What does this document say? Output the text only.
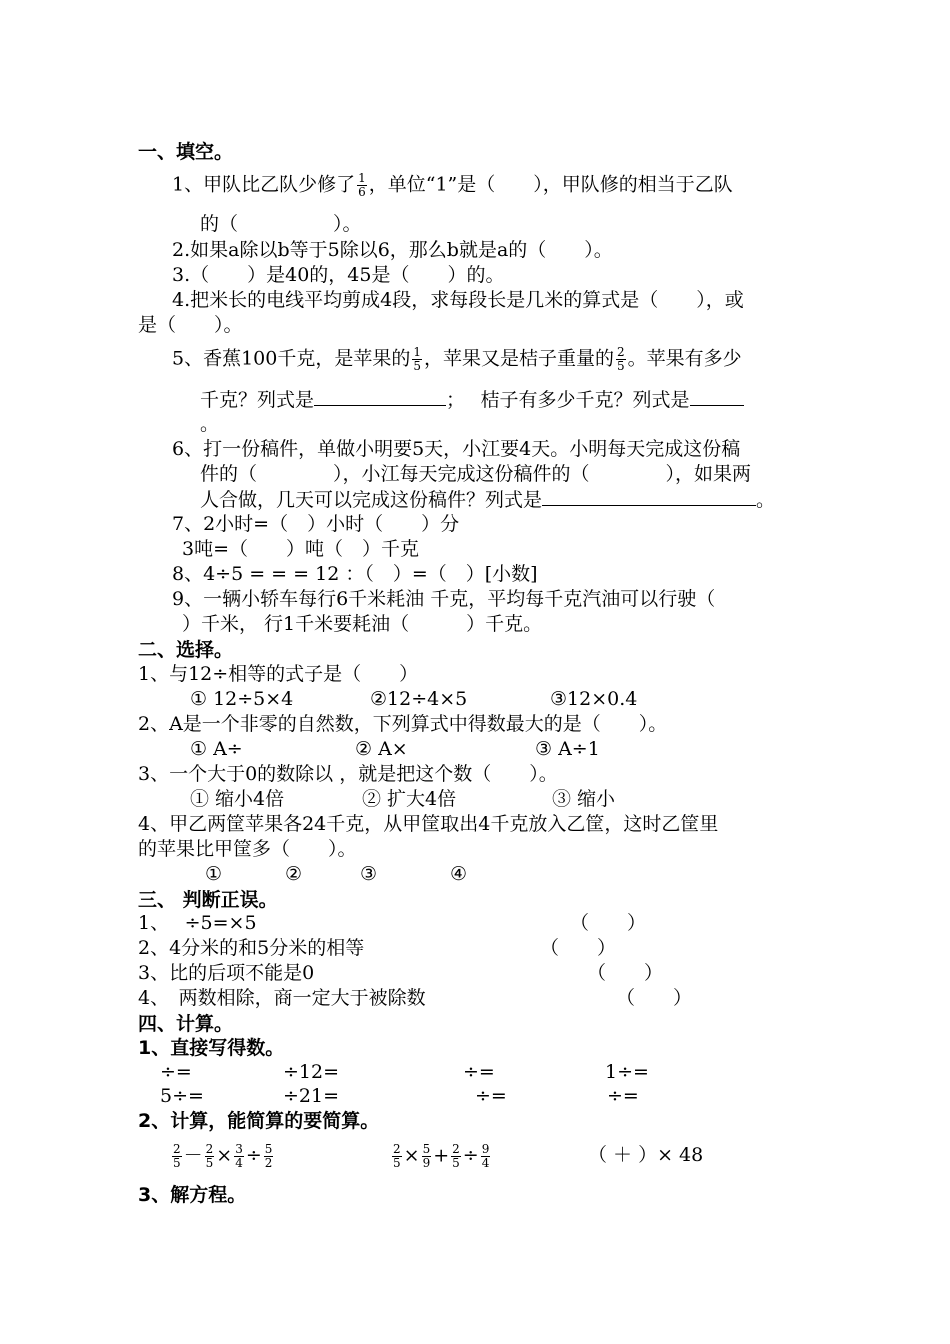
一、填空。
1、甲队比乙队少修了 $\frac{1}{6}$ ，单位“1”是（　　），甲队修的相当于乙队
的（　　　　　）。
2.如果a除以b等于5除以6，那么b就是a的（　　）。
3.（　　）是40的，45是（　　）的。
4.把米长的电线平均剪成4段，求每段长是几米的算式是（　　），或
是（　　）。
5、香蕉100千克，是苹果的 $\frac{1}{5}$ ，苹果又是桔子重量的 $\frac{2}{5}$ 。苹果有多少
千克？列式是	；　 桔子有多少千克？列式是
。
6、打一份稿件，单做小明要5天，小江要4天。小明每天完成这份稿
件的（　　　　），小江每天完成这份稿件的（　　　　），如果两
人合做，几天可以完成这份稿件？列式是	。
7、2小时=（　）小时（　　）分
3吨=（　　）吨（　）千克
8、4÷5 = = = 12 ：（　）=（　）[小数]
9、一辆小轿车每行6千米耗油 千克，平均每千克汽油可以行驶（
）千米， 行1千米要耗油（　　　）千克。
二、选择。
1、与12÷相等的式子是（　　）
① 12÷5×4	②12÷4×5	③12×0.4
2、A是一个非零的自然数，下列算式中得数最大的是（　　）。
① A÷	② A×	③ A÷1
3、一个大于0的数除以 ，就是把这个数（　　）。
① 缩小4倍	② 扩大4倍	③ 缩小
4、甲乙两筐苹果各24千克，从甲筐取出4千克放入乙筐，这时乙筐里
的苹果比甲筐多（　　）。
①	②	③	④
三、 判断正误。
1、　 ÷5=×5	（　　）
2、4分米的和5分米的相等	（　　）
3、比的后项不能是0	（　　）
4、　两数相除，商一定大于被除数	（　　）
四、计算。
1、直接写得数。
÷=	÷12=	÷=	1÷=
5÷=	÷21=	÷=	÷=
2、计算，能简算的要简算。
$\frac{2}{5} - \frac{2}{5} \times \frac{3}{4} \div \frac{5}{2}$	$\frac{2}{5} \times \frac{5}{9} + \frac{2}{5} \div \frac{9}{4}$	（ ＋ ）× 48
3、解方程。
